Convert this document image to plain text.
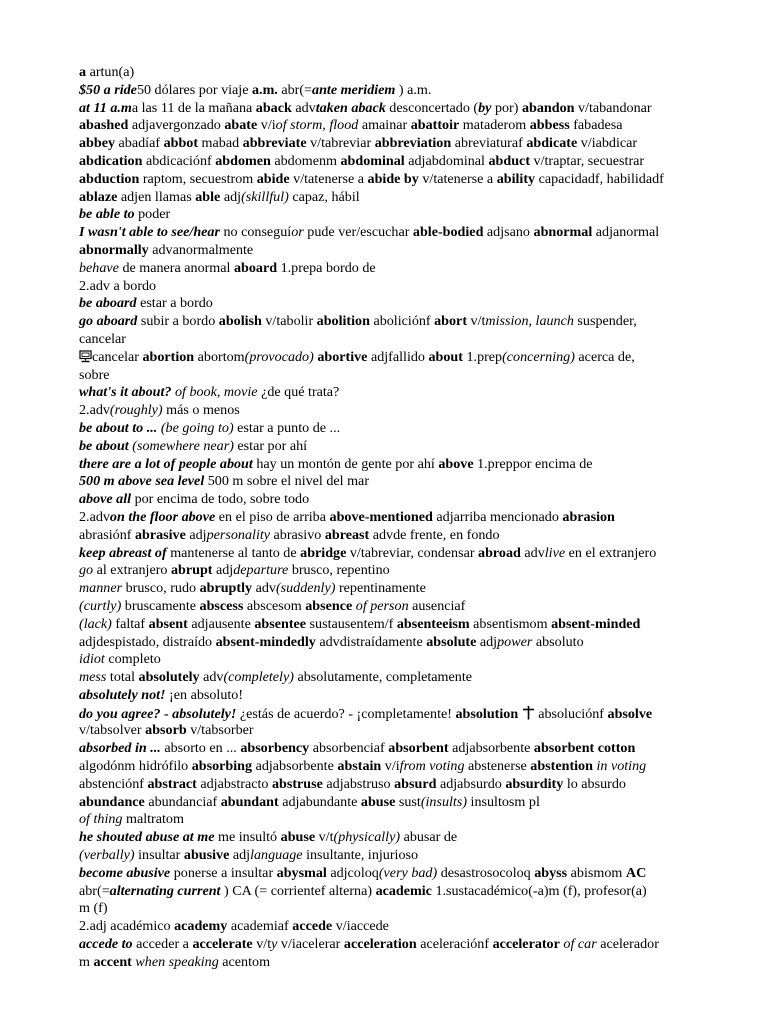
a artun(a)
$50 a ride50 dólares por viaje a.m. abr(=ante meridiem ) a.m.
at 11 a.ma las 11 de la mañana aback advtaken aback desconcertado (by por) abandon v/tabandonar
abashed adjavergonzado abate v/iof storm, flood amainar abattoir mataderom abbess fabadesa
abbey abadíaf abbot mabad abbreviate v/tabreviar abbreviation abreviaturaf abdicate v/iabdicar
abdication abdicaciónf abdomen abdomenm abdominal adjabdominal abduct v/traptar, secuestrar
abduction raptom, secuestrom abide v/tatenerse a abide by v/tatenerse a ability capacidadf, habilidadf
ablaze adjen llamas able adj(skillful) capaz, hábil
be able to poder
I wasn't able to see/hear no conseguíor pude ver/escuchar able-bodied adjsano abnormal adjanormal
abnormally advanormalmente
behave de manera anormal aboard 1.prepa bordo de
2.adv a bordo
be aboard estar a bordo
go aboard subir a bordo abolish v/tabolir abolition aboliciónf abort v/tmission, launch suspender,
cancelar
cancelar abortion abortom(provocado) abortive adjfallido about 1.prep(concerning) acerca de,
sobre
what's it about? of book, movie ¿de qué trata?
2.adv(roughly) más o menos
be about to ... (be going to) estar a punto de ...
be about (somewhere near) estar por ahí
there are a lot of people about hay un montón de gente por ahí above 1.preppor encima de
500 m above sea level 500 m sobre el nivel del mar
above all por encima de todo, sobre todo
2.advon the floor above en el piso de arriba above-mentioned adjarriba mencionado abrasion
abrasiónf abrasive adjpersonality abrasivo abreast advde frente, en fondo
keep abreast of mantenerse al tanto de abridge v/tabreviar, condensar abroad advlive en el extranjero
go al extranjero abrupt adjdeparture brusco, repentino
manner brusco, rudo abruptly adv(suddenly) repentinamente
(curtly) bruscamente abscess abscesom absence of person ausenciaf
(lack) faltaf absent adjausente absentee sustausentem/f absenteeism absentismom absent-minded
adjdespistado, distraído absent-mindedly advdistraídamente absolute adjpower absoluto
idiot completo
mess total absolutely adv(completely) absolutamente, completamente
absolutely not! ¡en absoluto!
do you agree? - absolutely! ¿estás de acuerdo? - ¡completamente! absolution  absoluciónf absolve
v/tabsolver absorb v/tabsorber
absorbed in ... absorto en ... absorbency absorbenciaf absorbent adjabsorbente absorbent cotton
algodónm hidrófilo absorbing adjabsorbente abstain v/ifrom voting abstenerse abstention in voting
abstenciónf abstract adjabstracto abstruse adjabstruso absurd adjabsurdo absurdity lo absurdo
abundance abundanciaf abundant adjabundante abuse sust(insults) insultosm pl
of thing maltratom
he shouted abuse at me me insultó abuse v/t(physically) abusar de
(verbally) insultar abusive adjlanguage insultante, injurioso
become abusive ponerse a insultar abysmal adjcoloq(very bad) desastrosocoloq abyss abismom AC
abr(=alternating current ) CA (= corrientef alterna) academic 1.sustacadémico(-a)m (f), profesor(a)
m (f)
2.adj académico academy academiaf accede v/iaccede
accede to acceder a accelerate v/ty v/iacelerar acceleration aceleraciónf accelerator of car acelerador
m accent when speaking acentom
